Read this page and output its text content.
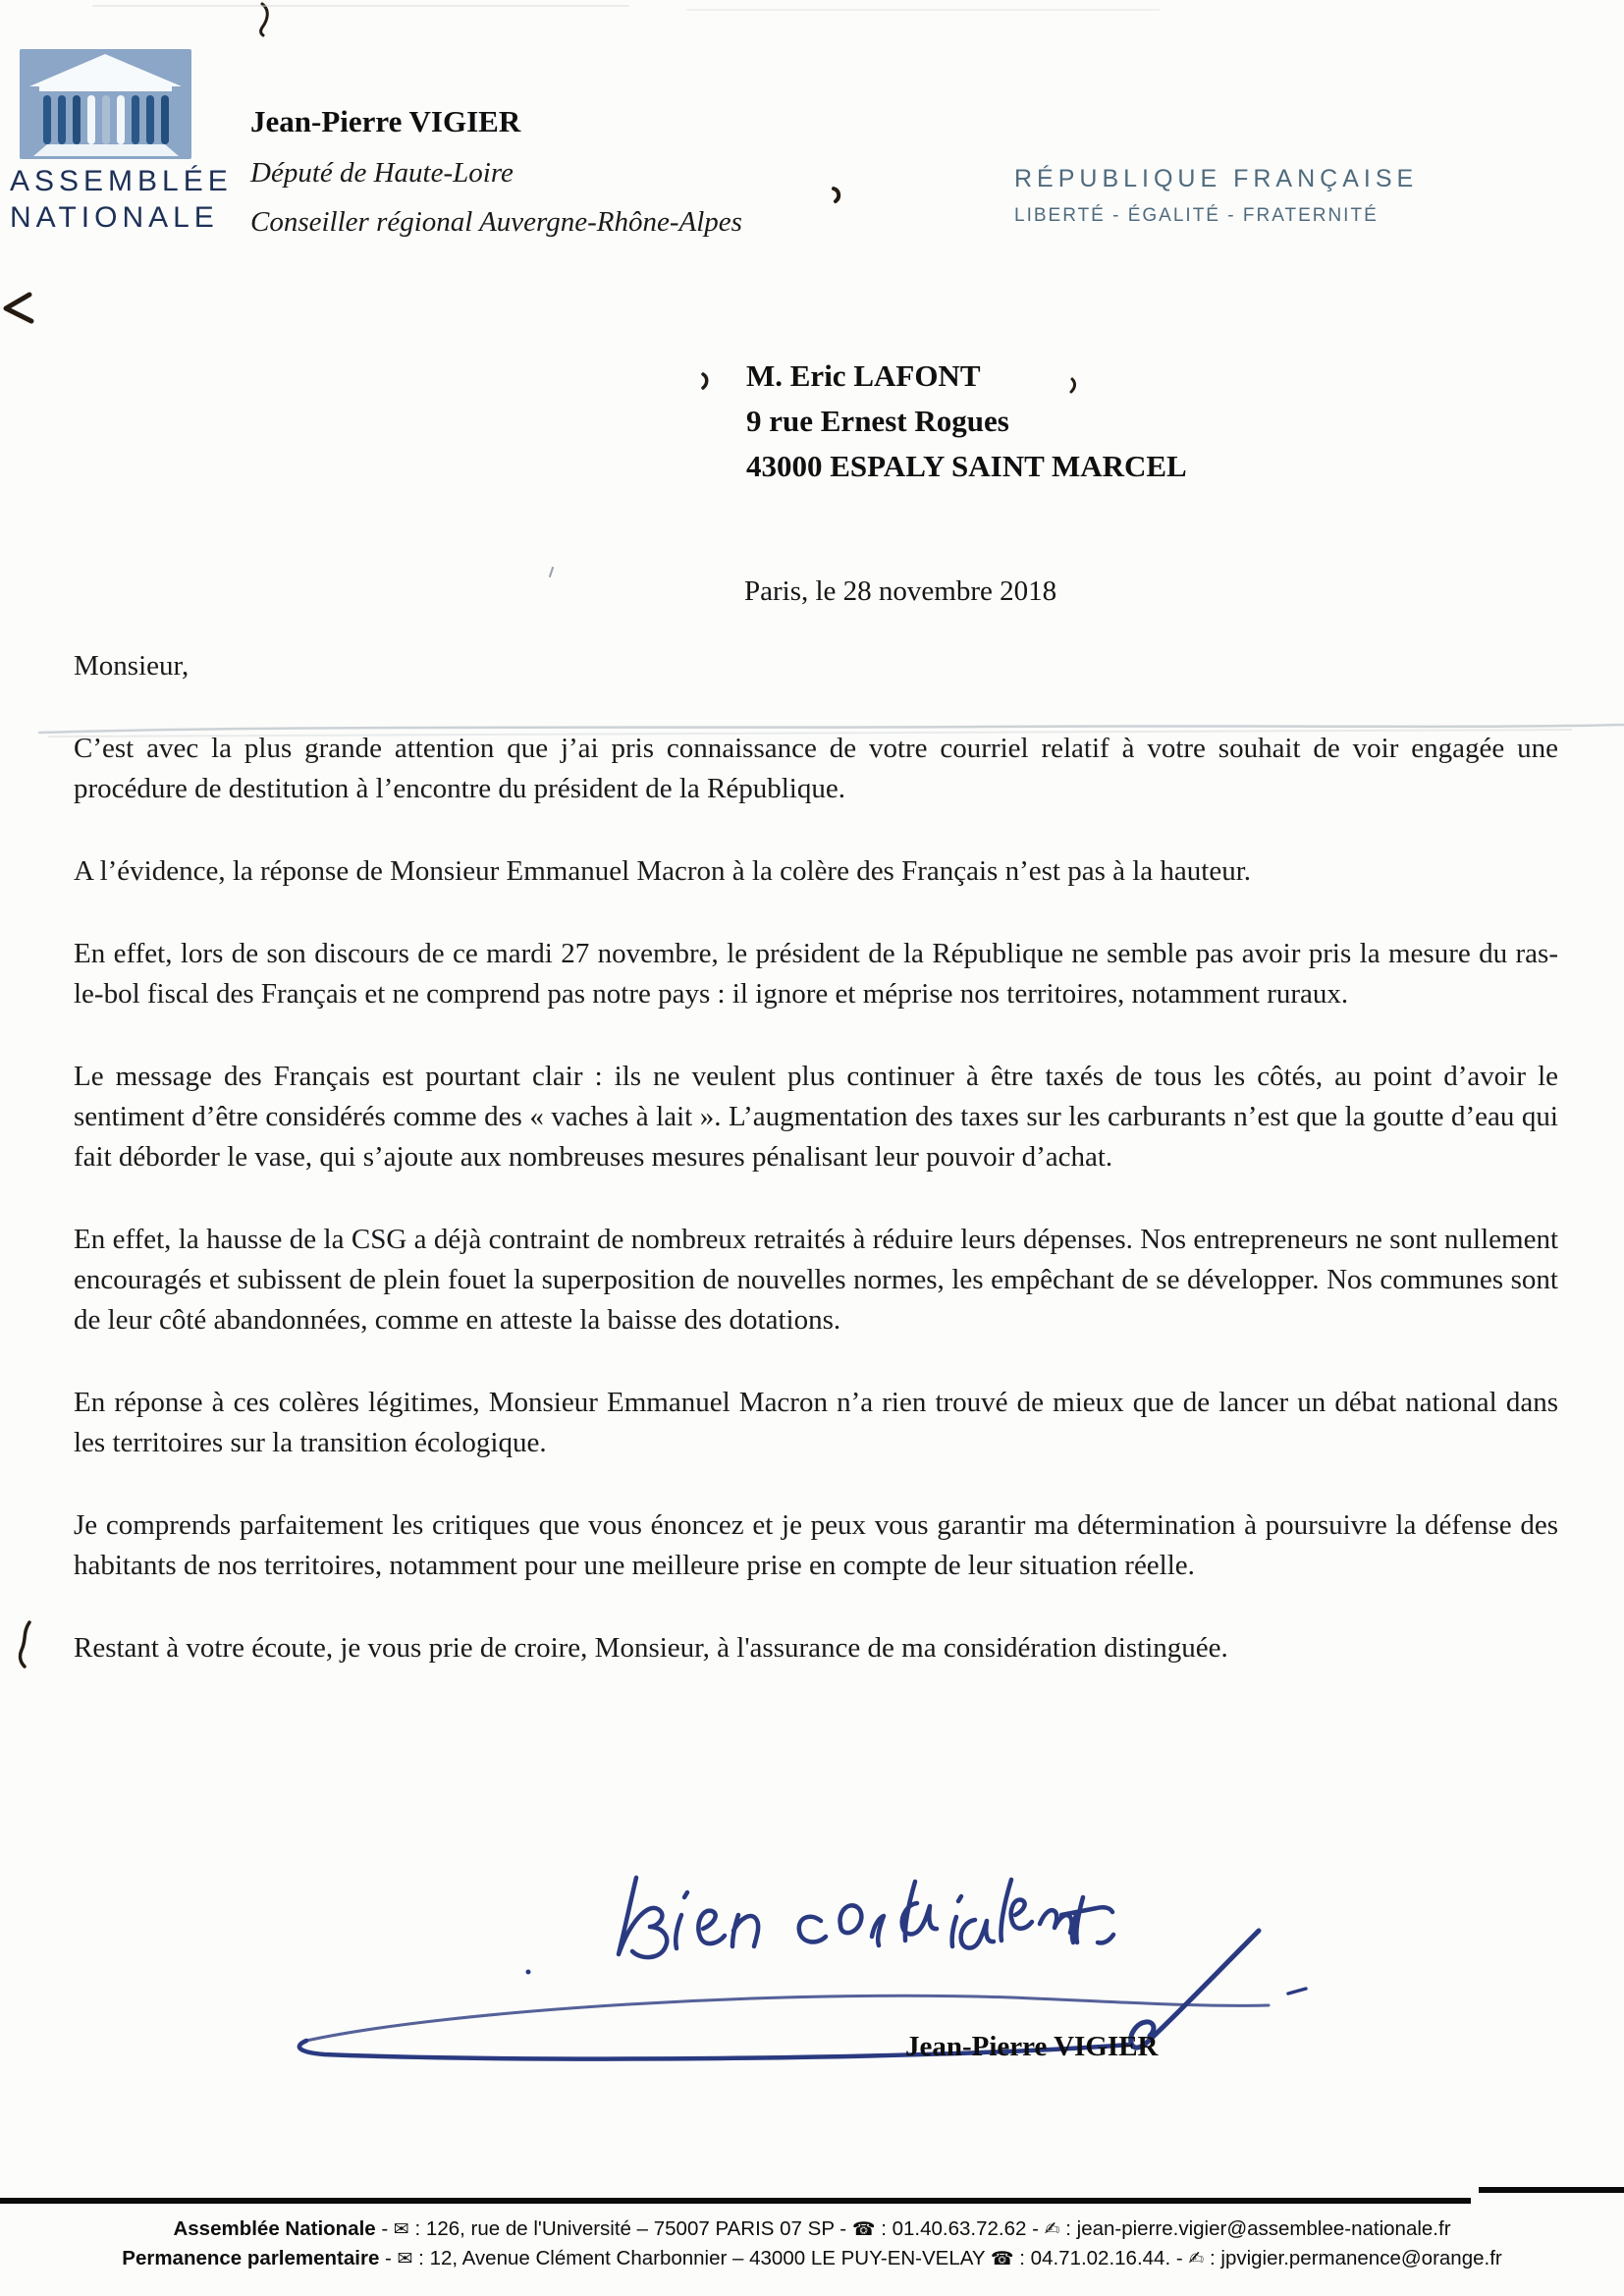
ASSEMBLÉE
NATIONALE

Jean-Pierre VIGIER

Député de Haute-Loire

Conseiller régional Auvergne-Rhône-Alpes

RÉPUBLIQUE FRANÇAISE

LIBERTÉ - ÉGALITÉ - FRATERNITÉ

M. Eric LAFONT
9 rue Ernest Rogues
43000 ESPALY SAINT MARCEL
Paris, le 28 novembre 2018

Monsieur,

C’est avec la plus grande attention que j’ai pris connaissance de votre courriel relatif à votre souhait de voir engagée une procédure de destitution à l’encontre du président de la République.

A l’évidence, la réponse de Monsieur Emmanuel Macron à la colère des Français n’est pas à la hauteur.

En effet, lors de son discours de ce mardi 27 novembre, le président de la République ne semble pas avoir pris la mesure du ras-le-bol fiscal des Français et ne comprend pas notre pays : il ignore et méprise nos territoires, notamment ruraux.

Le message des Français est pourtant clair : ils ne veulent plus continuer à être taxés de tous les côtés, au point d’avoir le sentiment d’être considérés comme des « vaches à lait ». L’augmentation des taxes sur les carburants n’est que la goutte d’eau qui fait déborder le vase, qui s’ajoute aux nombreuses mesures pénalisant leur pouvoir d’achat.

En effet, la hausse de la CSG a déjà contraint de nombreux retraités à réduire leurs dépenses. Nos entrepreneurs ne sont nullement encouragés et subissent de plein fouet la superposition de nouvelles normes, les empêchant de se développer. Nos communes sont de leur côté abandonnées, comme en atteste la baisse des dotations.

En réponse à ces colères légitimes, Monsieur Emmanuel Macron n’a rien trouvé de mieux que de lancer un débat national dans les territoires sur la transition écologique.

Je comprends parfaitement les critiques que vous énoncez et je peux vous garantir ma détermination à poursuivre la défense des habitants de nos territoires, notamment pour une meilleure prise en compte de leur situation réelle.

Restant à votre écoute, je vous prie de croire, Monsieur, à l'assurance de ma considération distinguée.

Jean-Pierre VIGIER
Assemblée Nationale - ✉ : 126, rue de l'Université – 75007 PARIS 07 SP - ☎ : 01.40.63.72.62 - ✍ : jean-pierre.vigier@assemblee-nationale.fr
Permanence parlementaire - ✉ : 12, Avenue Clément Charbonnier – 43000 LE PUY-EN-VELAY ☎ : 04.71.02.16.44. - ✍ : jpvigier.permanence@orange.fr
